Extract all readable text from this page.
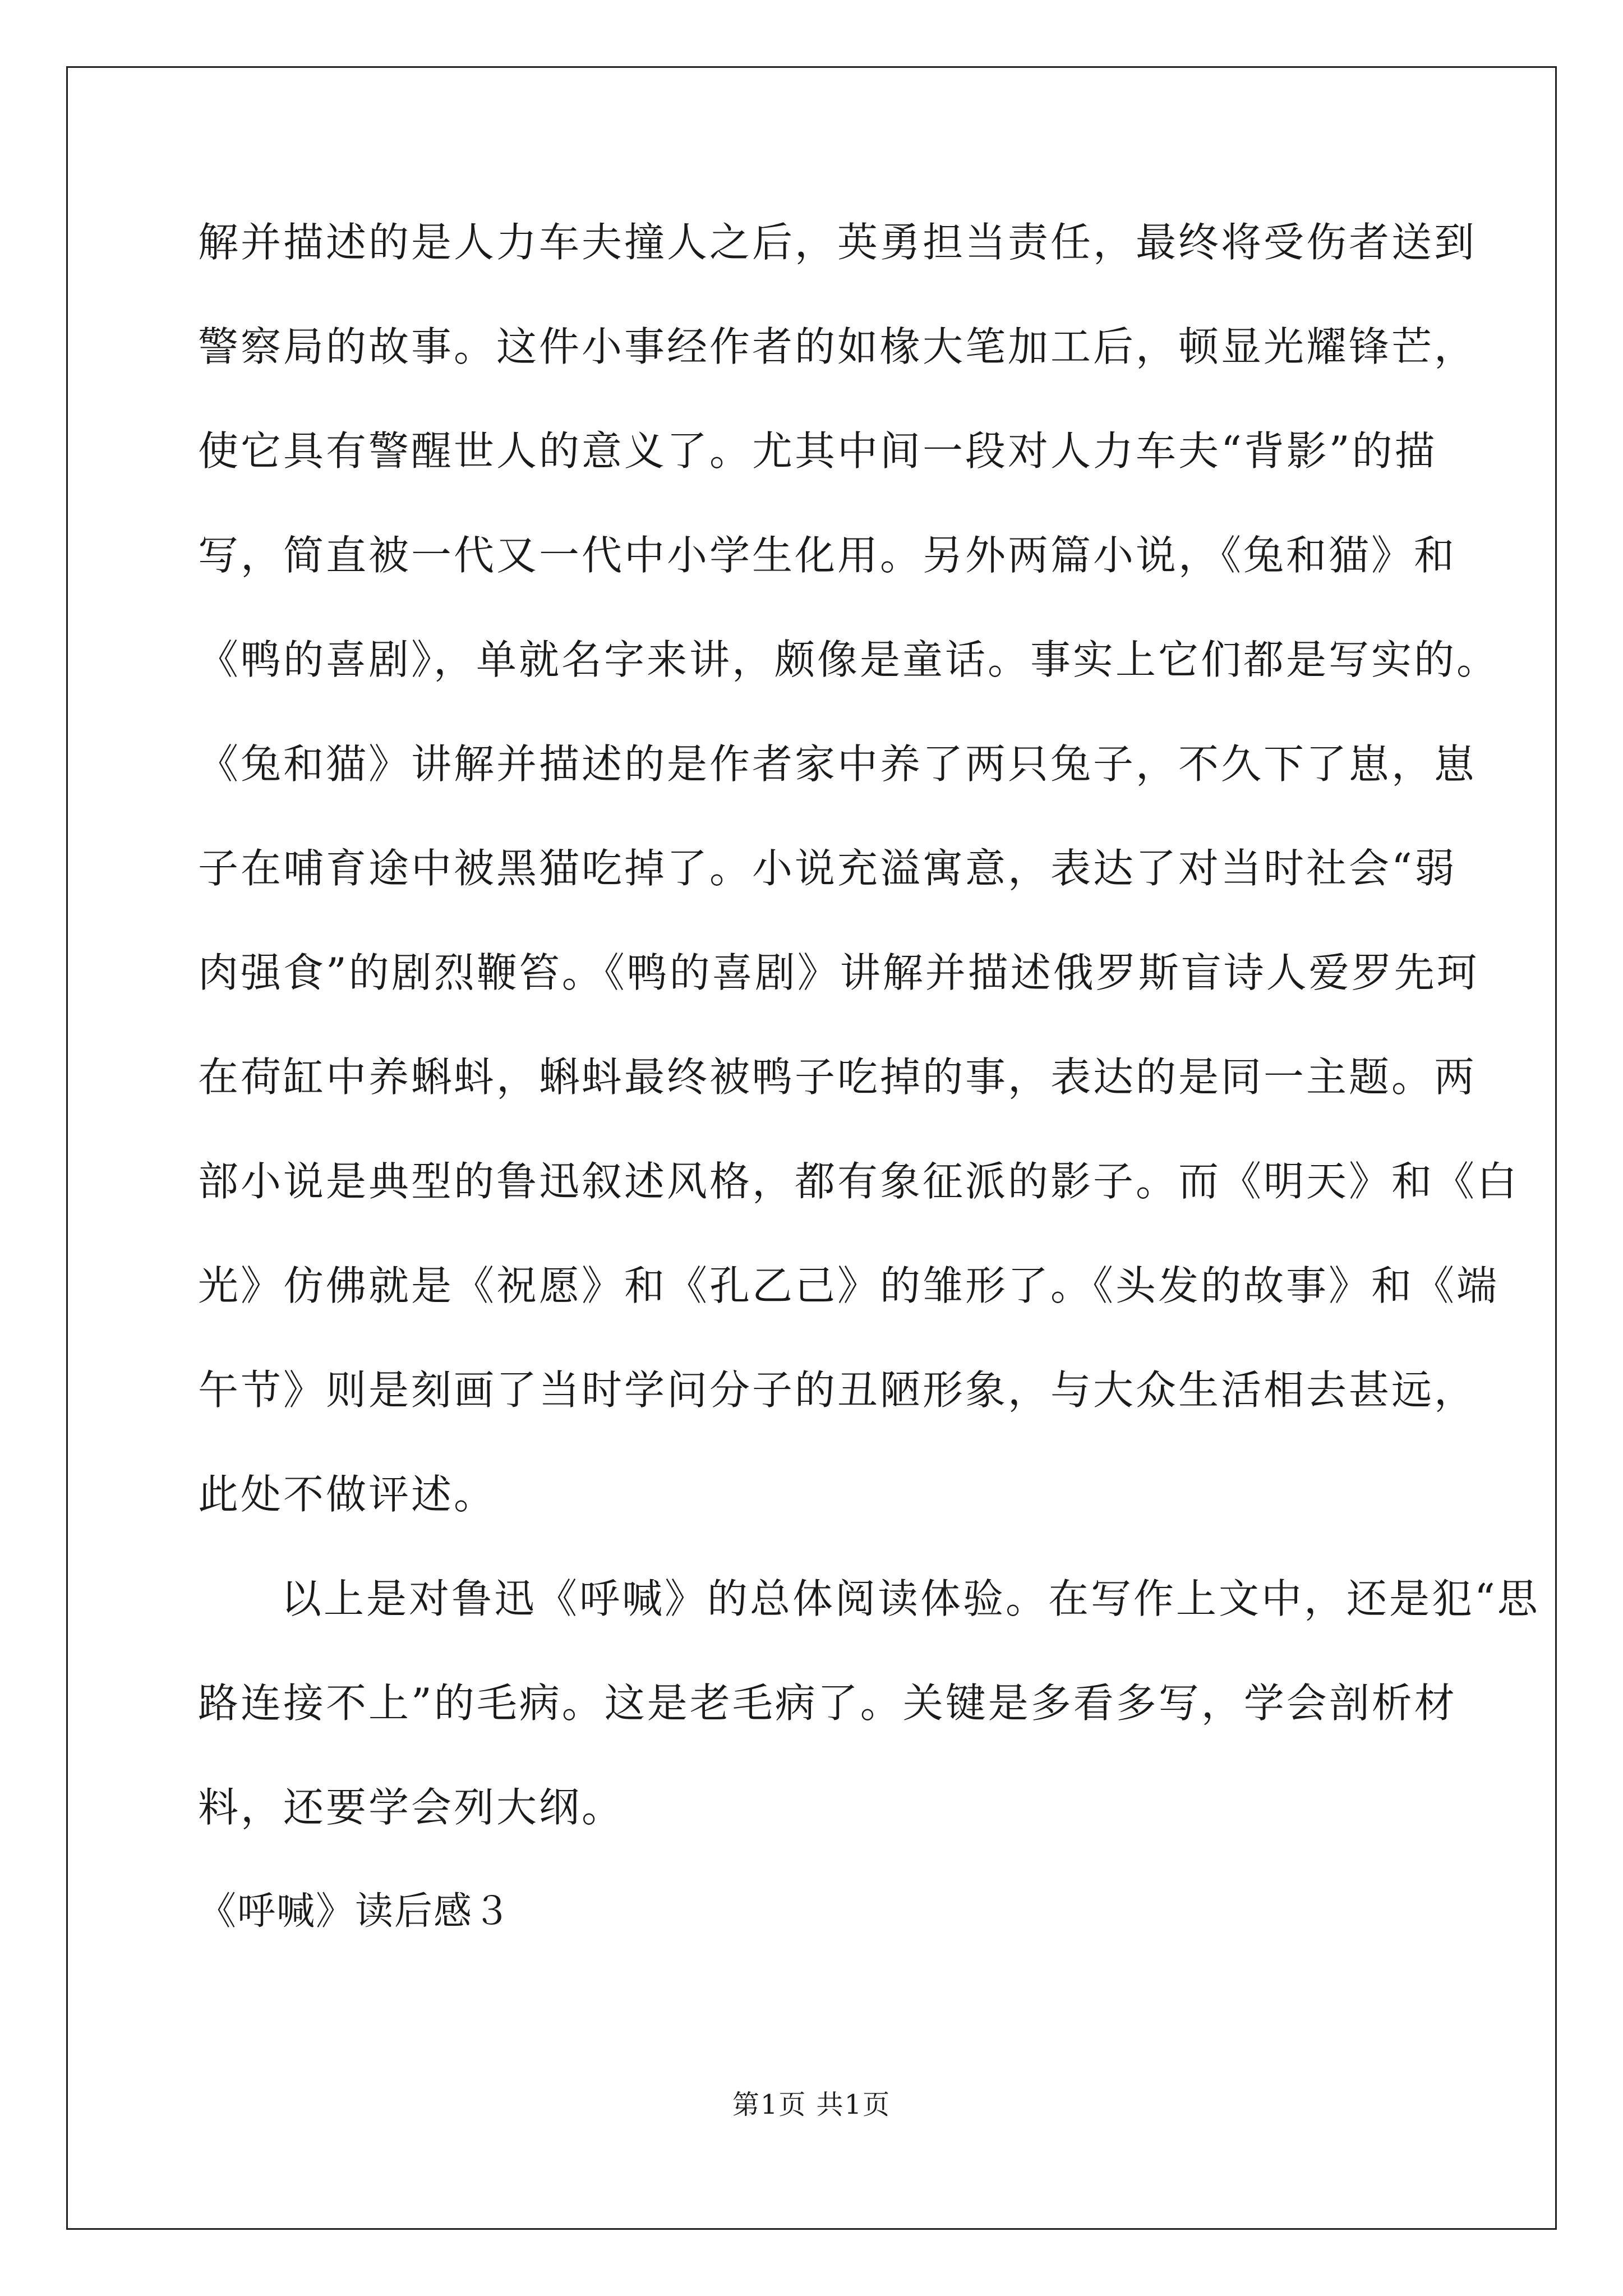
解并描述的是人力车夫撞人之后，英勇担当责任，最终将受伤者送到
警察局的故事。这件小事经作者的如椽大笔加工后，顿显光耀锋芒，
使它具有警醒世人的意义了。尤其中间一段对人力车夫“背影”的描
写，简直被一代又一代中小学生化用。另外两篇小说，《兔和猫》和
《鸭的喜剧》，单就名字来讲，颇像是童话。事实上它们都是写实的。
《兔和猫》讲解并描述的是作者家中养了两只兔子，不久下了崽，崽
子在哺育途中被黑猫吃掉了。小说充溢寓意，表达了对当时社会“弱
肉强食”的剧烈鞭笞。《鸭的喜剧》讲解并描述俄罗斯盲诗人爱罗先珂
在荷缸中养蝌蚪，蝌蚪最终被鸭子吃掉的事，表达的是同一主题。两
部小说是典型的鲁迅叙述风格，都有象征派的影子。而《明天》和《白
光》仿佛就是《祝愿》和《孔乙己》的雏形了。《头发的故事》和《端
午节》则是刻画了当时学问分子的丑陋形象，与大众生活相去甚远，
此处不做评述。
以上是对鲁迅《呼喊》的总体阅读体验。在写作上文中，还是犯“思
路连接不上”的毛病。这是老毛病了。关键是多看多写，学会剖析材
料，还要学会列大纲。
《呼喊》读后感３
第1页 共1页
